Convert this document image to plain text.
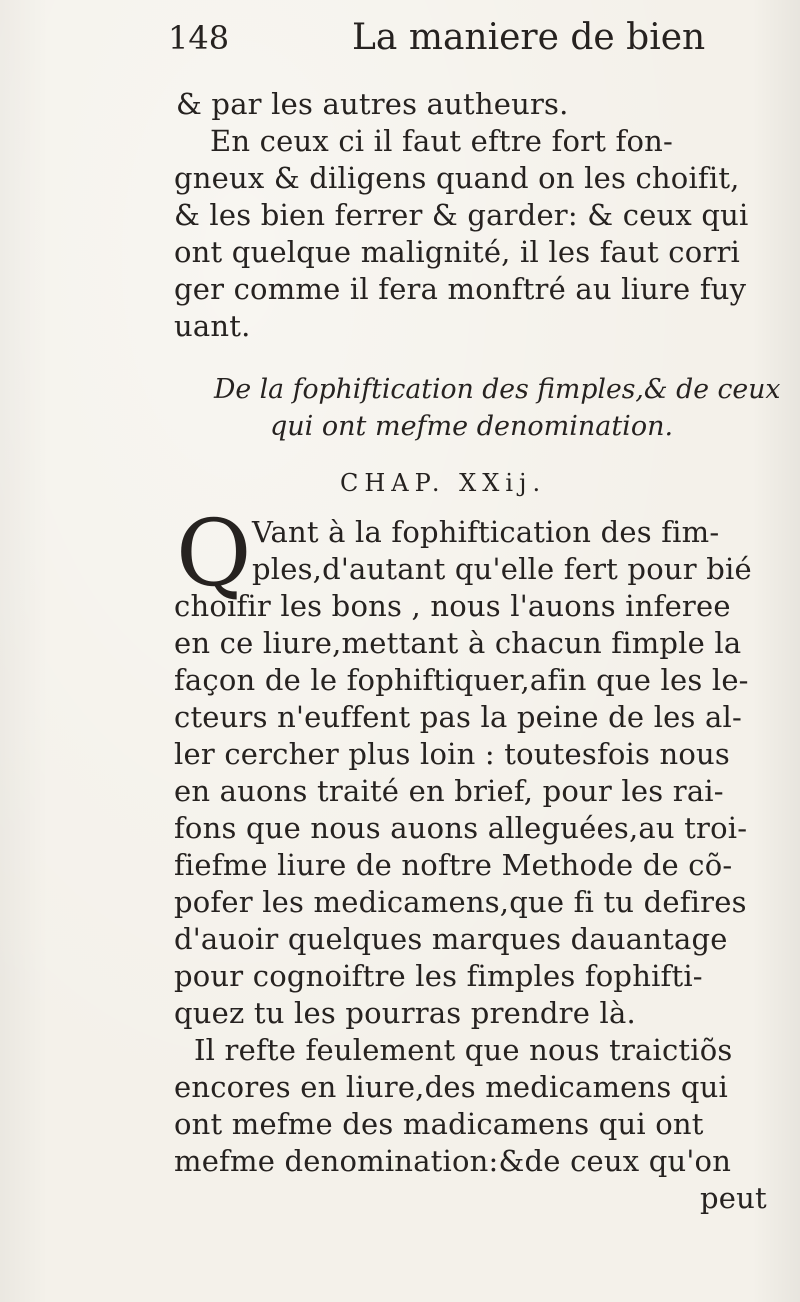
148	La maniere de bien
& par les autres autheurs.
En ceux ci il faut eftre fort fon-
gneux & diligens quand on les choifit,
& les bien ferrer & garder: & ceux qui
ont quelque malignité, il les faut corri
ger comme il fera monftré au liure fuy
uant.
De la fophiftication des fimples,& de ceux
qui ont mefme denomination.
CHAP. XXij.
Q Vant à la fophiftication des fim-
ples,d'autant qu'elle fert pour bié
choifir les bons , nous l'auons inferee
en ce liure,mettant à chacun fimple la
façon de le fophiftiquer,afin que les le-
cteurs n'euffent pas la peine de les al-
ler cercher plus loin : toutesfois nous
en auons traité en brief, pour les rai-
fons que nous auons alleguées,au troi-
fiefme liure de noftre Methode de cõ-
pofer les medicamens,que fi tu defires
d'auoir quelques marques dauantage
pour cognoiftre les fimples fophifti-
quez tu les pourras prendre là.
Il refte feulement que nous traictiõs
encores en liure,des medicamens qui
ont mefme des madicamens qui ont
mefme denomination:&de ceux qu'on
peut
